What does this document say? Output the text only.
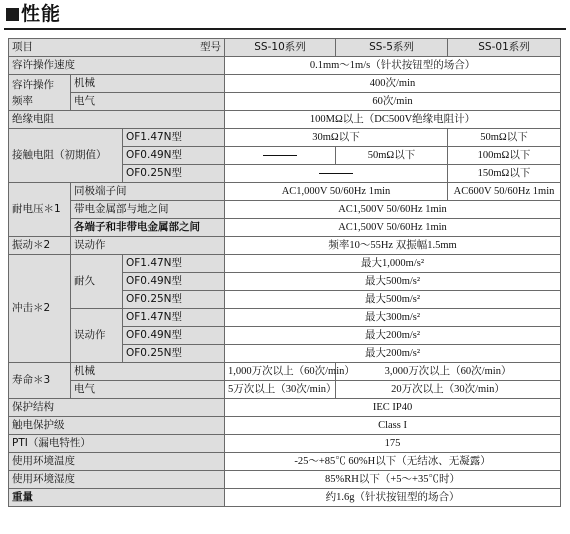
性能
项目 型号			SS-10系列	SS-5系列	SS-01系列
容许操作速度			0.1mm～1m/s（针状按钮型的场合）		
容许操作
频率	机械		400次/min		
	电气		60次/min		
绝缘电阻			100MΩ以上（DC500V绝缘电阻计）		
接触电阻（初期值）		OF1.47N型	30mΩ以下		50mΩ以下
		OF0.49N型		50mΩ以下	100mΩ以下
		OF0.25N型			150mΩ以下
耐电压＊1	同极端子间		AC1,000V 50/60Hz 1min		AC600V 50/60Hz 1min
	带电金属部与地之间		AC1,500V 50/60Hz 1min		
	各端子和非带电金属部之间		AC1,500V 50/60Hz 1min		
振动＊2	误动作		频率10～55Hz 双振幅1.5mm		
冲击＊2	耐久	OF1.47N型	最大1,000m/s²		
		OF0.49N型	最大500m/s²		
		OF0.25N型	最大500m/s²		
	误动作	OF1.47N型	最大300m/s²		
		OF0.49N型	最大200m/s²		
		OF0.25N型	最大200m/s²		
寿命＊3	机械		1,000万次以上（60次/min）	3,000万次以上（60次/min）	
	电气		5万次以上（30次/min）	20万次以上（30次/min）	
保护结构			IEC IP40		
触电保护级			Class I		
PTI（漏电特性）			175		
使用环境温度			-25～+85℃ 60%H以下（无结冰、无凝露）		
使用环境湿度			85%RH以下（+5～+35℃时）		
重量			约1.6g（针状按钮型的场合）		
